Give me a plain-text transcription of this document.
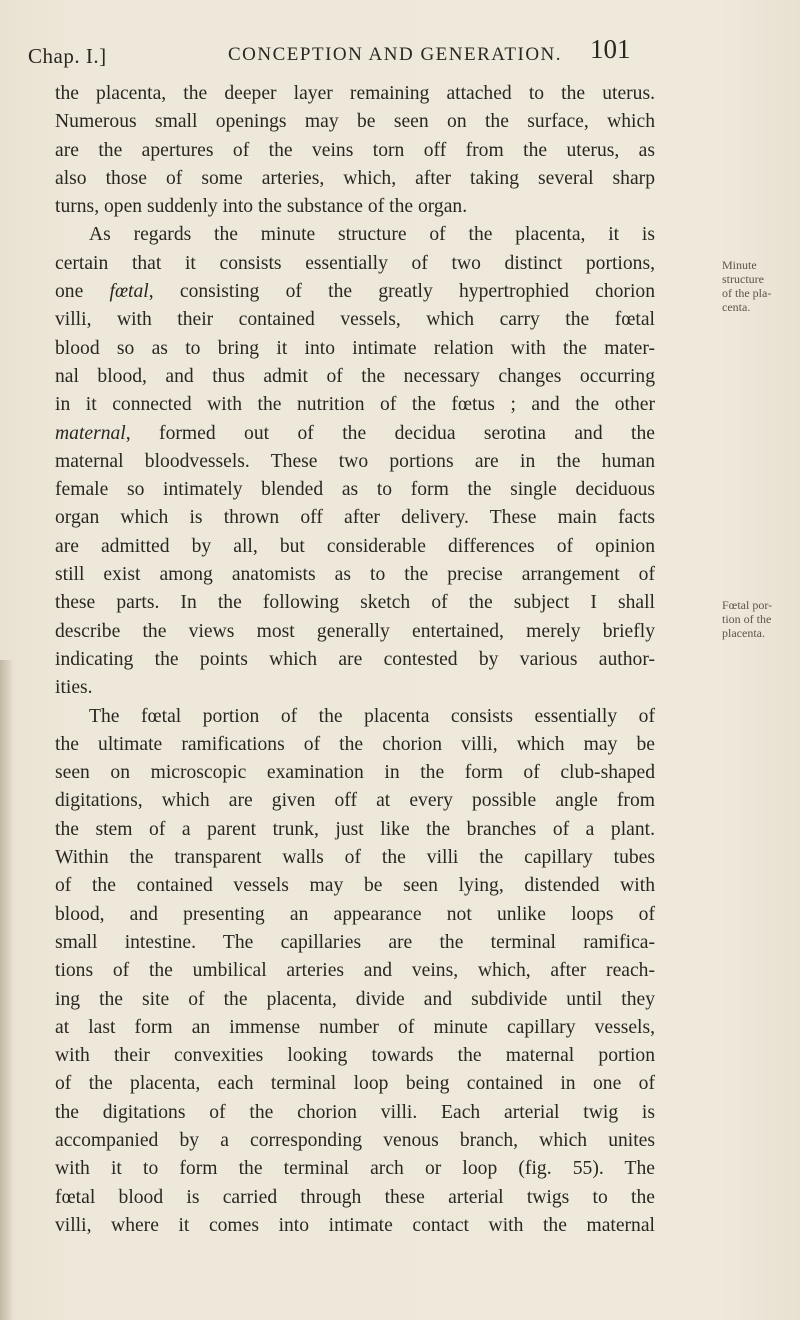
Chap. I.]	CONCEPTION AND GENERATION. 101
the placenta, the deeper layer remaining attached to the uterus.
Numerous small openings may be seen on the surface, which
are the apertures of the veins torn off from the uterus, as
also those of some arteries, which, after taking several sharp
turns, open suddenly into the substance of the organ.
As regards the minute structure of the placenta, it is
certain that it consists essentially of two distinct portions,
one fœtal, consisting of the greatly hypertrophied chorion
villi, with their contained vessels, which carry the fœtal
blood so as to bring it into intimate relation with the mater-
nal blood, and thus admit of the necessary changes occurring
in it connected with the nutrition of the fœtus ; and the other
maternal, formed out of the decidua serotina and the
maternal bloodvessels. These two portions are in the human
female so intimately blended as to form the single deciduous
organ which is thrown off after delivery. These main facts
are admitted by all, but considerable differences of opinion
still exist among anatomists as to the precise arrangement of
these parts. In the following sketch of the subject I shall
describe the views most generally entertained, merely briefly
indicating the points which are contested by various author-
ities.
The fœtal portion of the placenta consists essentially of
the ultimate ramifications of the chorion villi, which may be
seen on microscopic examination in the form of club-shaped
digitations, which are given off at every possible angle from
the stem of a parent trunk, just like the branches of a plant.
Within the transparent walls of the villi the capillary tubes
of the contained vessels may be seen lying, distended with
blood, and presenting an appearance not unlike loops of
small intestine. The capillaries are the terminal ramifica-
tions of the umbilical arteries and veins, which, after reach-
ing the site of the placenta, divide and subdivide until they
at last form an immense number of minute capillary vessels,
with their convexities looking towards the maternal portion
of the placenta, each terminal loop being contained in one of
the digitations of the chorion villi. Each arterial twig is
accompanied by a corresponding venous branch, which unites
with it to form the terminal arch or loop (fig. 55). The
fœtal blood is carried through these arterial twigs to the
villi, where it comes into intimate contact with the maternal
Minute
structure
of the pla-
centa.
Fœtal por-
tion of the
placenta.
